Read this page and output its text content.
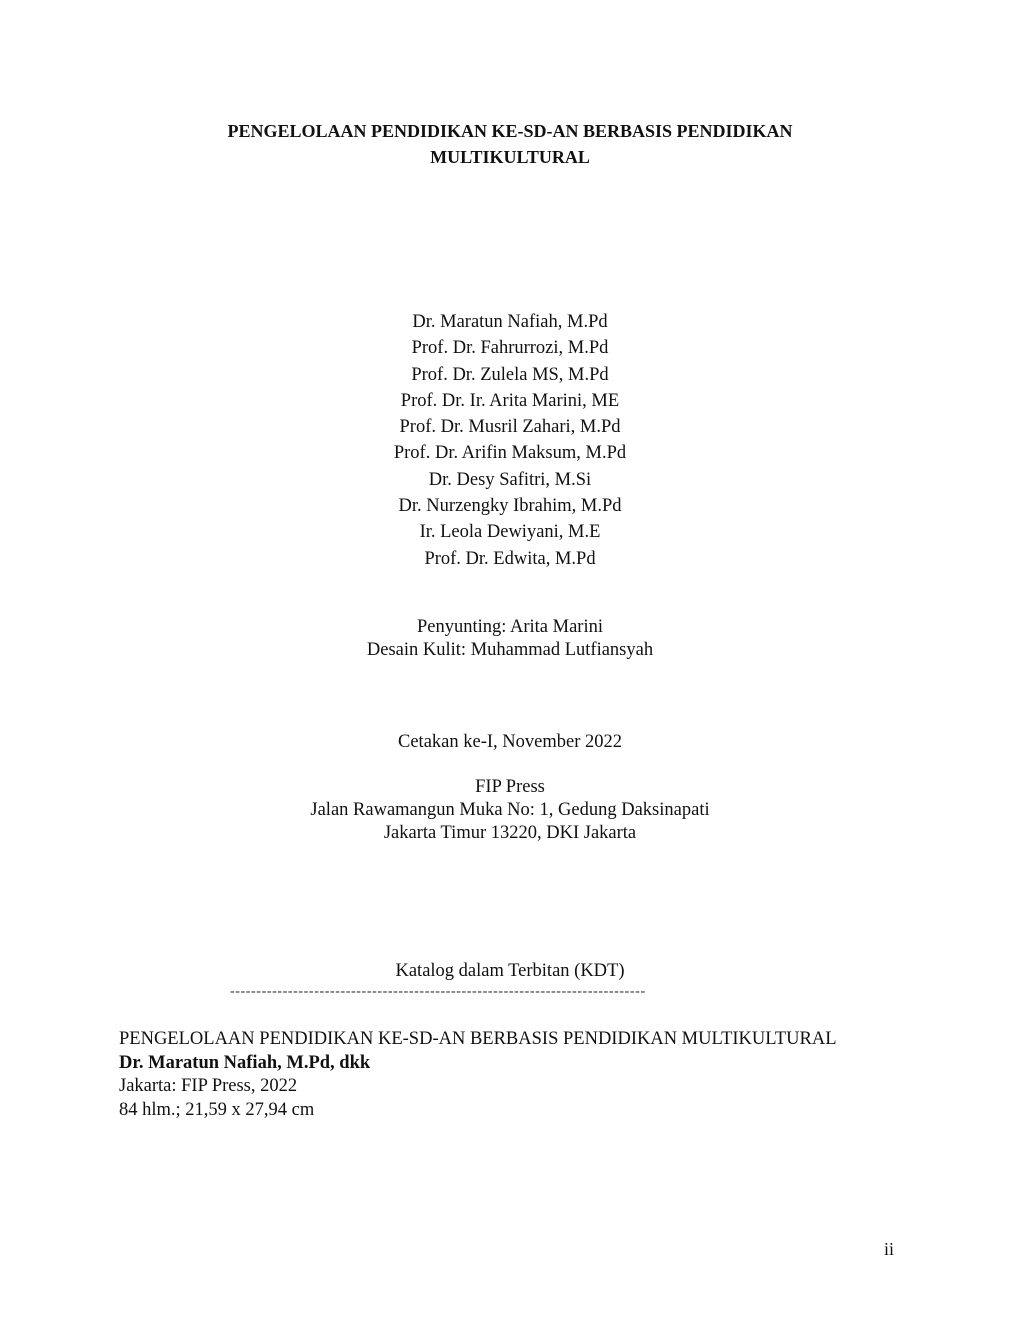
PENGELOLAAN PENDIDIKAN KE-SD-AN BERBASIS PENDIDIKAN
MULTIKULTURAL
Dr. Maratun Nafiah, M.Pd
Prof. Dr. Fahrurrozi, M.Pd
Prof. Dr. Zulela MS, M.Pd
Prof. Dr. Ir. Arita Marini, ME
Prof. Dr. Musril Zahari, M.Pd
Prof. Dr. Arifin Maksum, M.Pd
Dr. Desy Safitri, M.Si
Dr. Nurzengky Ibrahim, M.Pd
Ir. Leola Dewiyani, M.E
Prof. Dr. Edwita, M.Pd
Penyunting: Arita Marini
Desain Kulit: Muhammad Lutfiansyah
Cetakan ke-I, November 2022
FIP Press
Jalan Rawamangun Muka No: 1, Gedung Daksinapati
Jakarta Timur 13220, DKI Jakarta
Katalog dalam Terbitan (KDT)
-------------------------------------------------------------------------------
PENGELOLAAN PENDIDIKAN KE-SD-AN BERBASIS PENDIDIKAN MULTIKULTURAL
Dr. Maratun Nafiah, M.Pd, dkk
Jakarta: FIP Press, 2022
84 hlm.; 21,59 x 27,94 cm
ii
